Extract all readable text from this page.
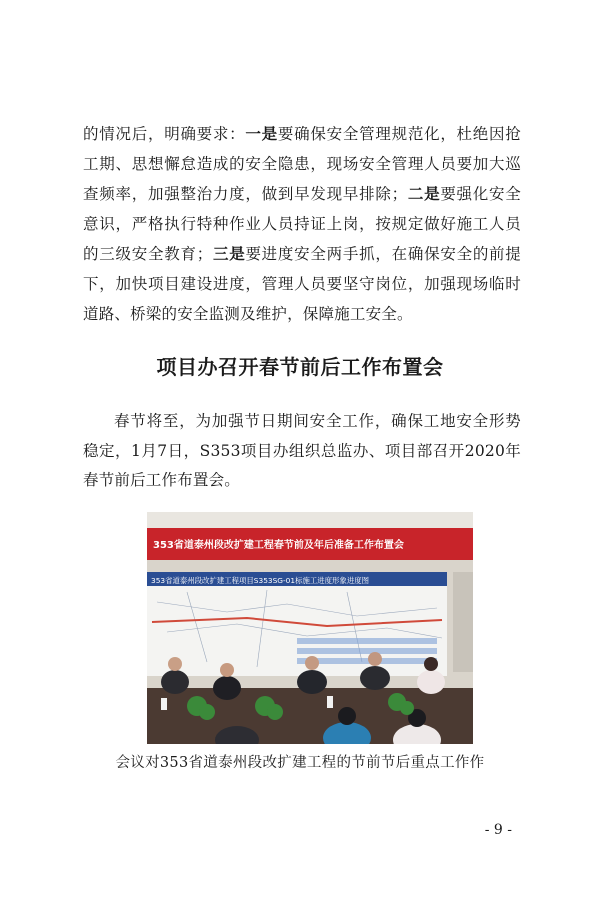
的情况后，明确要求：一是要确保安全管理规范化，杜绝因抢工期、思想懈怠造成的安全隐患，现场安全管理人员要加大巡查频率，加强整治力度，做到早发现早排除；二是要强化安全意识，严格执行特种作业人员持证上岗，按规定做好施工人员的三级安全教育；三是要进度安全两手抓，在确保安全的前提下，加快项目建设进度，管理人员要坚守岗位，加强现场临时道路、桥梁的安全监测及维护，保障施工安全。

项目办召开春节前后工作布置会

春节将至，为加强节日期间安全工作，确保工地安全形势稳定，1月7日，S353项目办组织总监办、项目部召开2020年春节前后工作布置会。

353省道泰州段改扩建工程春节前及年后准备工作布置会
353省道泰州段改扩建工程项目S353SG-01标施工进度形象进度图

会议对353省道泰州段改扩建工程的节前节后重点工作作

- 9 -
